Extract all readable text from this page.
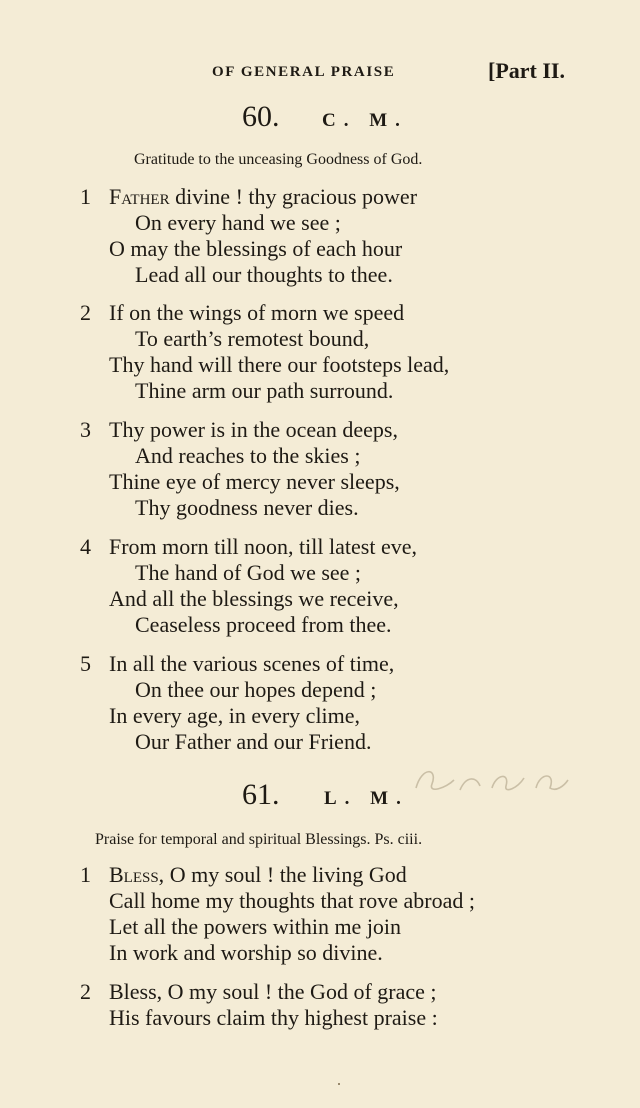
OF GENERAL PRAISE	[Part II.
60. C. M.
Gratitude to the unceasing Goodness of God.
1 Father divine ! thy gracious power
On every hand we see ;
O may the blessings of each hour
Lead all our thoughts to thee.
2 If on the wings of morn we speed
To earth’s remotest bound,
Thy hand will there our footsteps lead,
Thine arm our path surround.
3 Thy power is in the ocean deeps,
And reaches to the skies ;
Thine eye of mercy never sleeps,
Thy goodness never dies.
4 From morn till noon, till latest eve,
The hand of God we see ;
And all the blessings we receive,
Ceaseless proceed from thee.
5 In all the various scenes of time,
On thee our hopes depend ;
In every age, in every clime,
Our Father and our Friend.
61. L. M.
Praise for temporal and spiritual Blessings. Ps. ciii.
1 Bless, O my soul ! the living God
Call home my thoughts that rove abroad ;
Let all the powers within me join
In work and worship so divine.
2 Bless, O my soul ! the God of grace ;
His favours claim thy highest praise :
